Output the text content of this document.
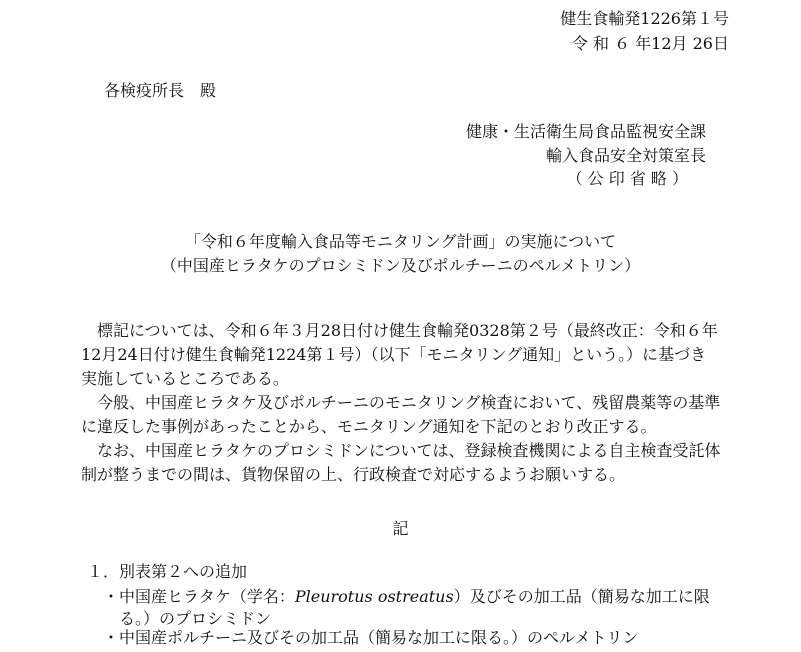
健生食輸発1226第１号
令 和 ６ 年12月 26日
各検疫所長　殿
健康・生活衛生局食品監視安全課
輸入食品安全対策室長
（ 公 印 省 略 ）
「令和６年度輸入食品等モニタリング計画」の実施について
（中国産ヒラタケのプロシミドン及びポルチーニのペルメトリン）

標記については、令和６年３月28日付け健生食輸発0328第２号（最終改正：令和６年12月24日付け健生食輸発1224第１号）（以下「モニタリング通知」という。）に基づき実施しているところである。

今般、中国産ヒラタケ及びポルチーニのモニタリング検査において、残留農薬等の基準に違反した事例があったことから、モニタリング通知を下記のとおり改正する。

なお、中国産ヒラタケのプロシミドンについては、登録検査機関による自主検査受託体制が整うまでの間は、貨物保留の上、行政検査で対応するようお願いする。

記
１．別表第２への追加
・中国産ヒラタケ（学名：Pleurotus ostreatus）及びその加工品（簡易な加工に限る。）のプロシミドン
・中国産ポルチーニ及びその加工品（簡易な加工に限る。）のペルメトリン
